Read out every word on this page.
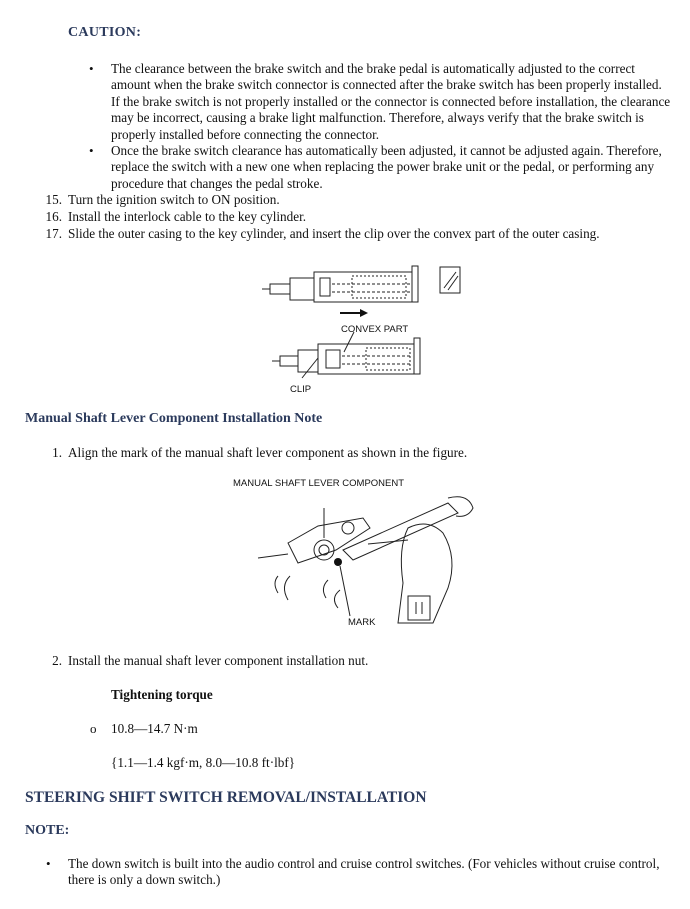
CAUTION:
• The clearance between the brake switch and the brake pedal is automatically adjusted to the correct amount when the brake switch connector is connected after the brake switch has been properly installed. If the brake switch is not properly installed or the connector is connected before installation, the clearance may be incorrect, causing a brake light malfunction. Therefore, always verify that the brake switch is properly installed before connecting the connector.
• Once the brake switch clearance has automatically been adjusted, it cannot be adjusted again. Therefore, replace the switch with a new one when replacing the power brake unit or the pedal, or performing any procedure that changes the pedal stroke.
15. Turn the ignition switch to ON position.
16. Install the interlock cable to the key cylinder.
17. Slide the outer casing to the key cylinder, and insert the clip over the convex part of the outer casing.
CONVEX PART
CLIP
Manual Shaft Lever Component Installation Note
1. Align the mark of the manual shaft lever component as shown in the figure.
MANUAL SHAFT LEVER COMPONENT
MARK
2. Install the manual shaft lever component installation nut.
Tightening torque
o 10.8—14.7 N·m
{1.1—1.4 kgf·m, 8.0—10.8 ft·lbf}
STEERING SHIFT SWITCH REMOVAL/INSTALLATION
NOTE:
• The down switch is built into the audio control and cruise control switches. (For vehicles without cruise control, there is only a down switch.)
